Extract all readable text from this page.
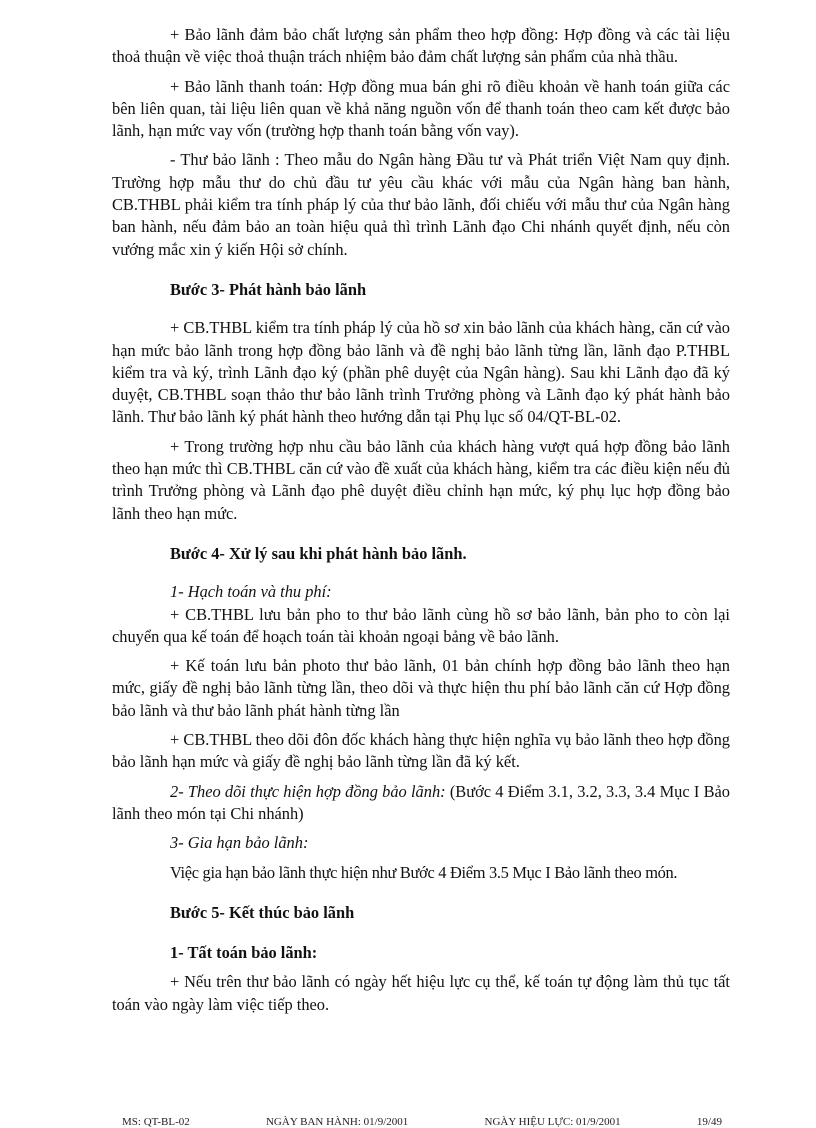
+ Bảo lãnh đảm bảo chất lượng sản phẩm theo hợp đồng: Hợp đồng và các tài liệu thoả thuận về việc thoả thuận trách nhiệm bảo đảm chất lượng sản phẩm của nhà thầu.

+ Bảo lãnh thanh toán: Hợp đồng mua bán ghi rõ điều khoản về hanh toán giữa các bên liên quan, tài liệu liên quan về khả năng nguồn vốn để thanh toán theo cam kết được bảo lãnh, hạn mức vay vốn (trường hợp thanh toán bằng vốn vay).

- Thư bảo lãnh : Theo mẫu do Ngân hàng Đầu tư và Phát triển Việt Nam quy định. Trường hợp mẫu thư do chủ đầu tư yêu cầu khác với mẫu của Ngân hàng ban hành, CB.THBL phải kiểm tra tính pháp lý của thư bảo lãnh, đối chiếu với mẫu thư của Ngân hàng ban hành, nếu đảm bảo an toàn hiệu quả thì trình Lãnh đạo Chi nhánh quyết định, nếu còn vướng mắc xin ý kiến Hội sở chính.

Bước 3- Phát hành bảo lãnh

+ CB.THBL kiểm tra tính pháp lý của hồ sơ xin bảo lãnh của khách hàng, căn cứ vào hạn mức bảo lãnh trong hợp đồng bảo lãnh và đề nghị bảo lãnh từng lần, lãnh đạo P.THBL kiểm tra và ký, trình Lãnh đạo ký (phần phê duyệt của Ngân hàng). Sau khi Lãnh đạo đã ký duyệt, CB.THBL soạn thảo thư bảo lãnh trình Trưởng phòng và Lãnh đạo ký phát hành bảo lãnh. Thư bảo lãnh ký phát hành theo hướng dẫn tại Phụ lục số 04/QT-BL-02.

+ Trong trường hợp nhu cầu bảo lãnh của khách hàng vượt quá hợp đồng bảo lãnh theo hạn mức thì CB.THBL căn cứ vào đề xuất của khách hàng, kiểm tra các điều kiện nếu đủ trình Trưởng phòng và Lãnh đạo phê duyệt điều chỉnh hạn mức, ký phụ lục hợp đồng bảo lãnh theo hạn mức.

Bước 4- Xử lý sau khi phát hành bảo lãnh.

1- Hạch toán và thu phí:

+ CB.THBL lưu bản pho to thư bảo lãnh cùng hồ sơ bảo lãnh, bản pho to còn lại chuyển qua kế toán để hoạch toán tài khoản ngoại bảng về bảo lãnh.

+ Kế toán lưu bản photo thư bảo lãnh, 01 bản chính hợp đồng bảo lãnh theo hạn mức, giấy đề nghị bảo lãnh từng lần, theo dõi và thực hiện thu phí bảo lãnh căn cứ Hợp đồng bảo lãnh và thư bảo lãnh phát hành từng lần

+ CB.THBL theo dõi đôn đốc khách hàng thực hiện nghĩa vụ bảo lãnh theo hợp đồng bảo lãnh hạn mức và giấy đề nghị bảo lãnh từng lần đã ký kết.

2- Theo dõi thực hiện hợp đồng bảo lãnh: (Bước 4 Điểm 3.1, 3.2, 3.3, 3.4 Mục I Bảo lãnh theo món tại Chi nhánh)

3- Gia hạn bảo lãnh:

Việc gia hạn bảo lãnh thực hiện như Bước 4 Điểm 3.5 Mục I Bảo lãnh theo món.

Bước 5- Kết thúc bảo lãnh

1- Tất toán bảo lãnh:

+ Nếu trên thư bảo lãnh có ngày hết hiệu lực cụ thể, kế toán tự động làm thủ tục tất toán vào ngày làm việc tiếp theo.

MS: QT-BL-02	NGÀY BAN HÀNH: 01/9/2001	NGÀY HIỆU LỰC: 01/9/2001	19/49
